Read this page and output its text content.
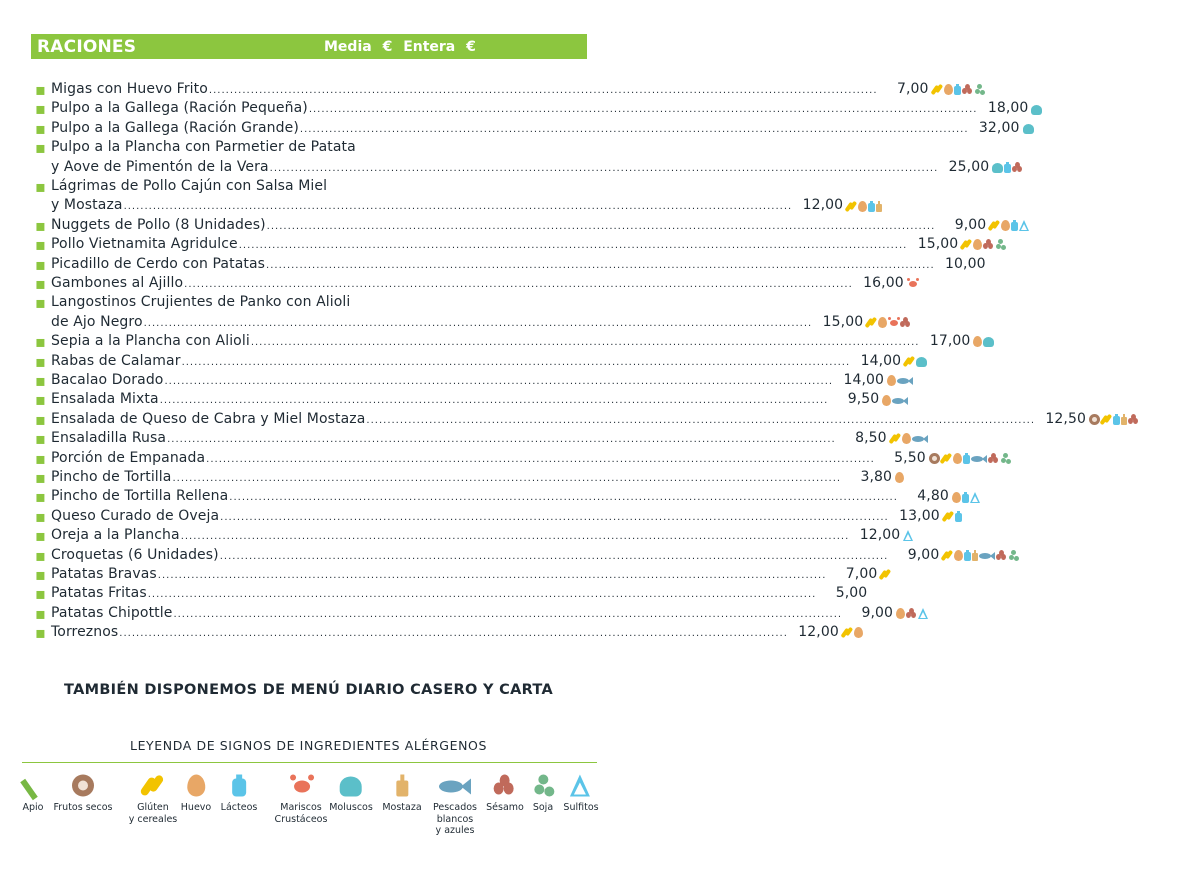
RACIONES	Media € Entera €
▪ Migas con Huevo Frito .....	7,00
▪ Pulpo a la Gallega (Ración Pequeña) .....	18,00
▪ Pulpo a la Gallega (Ración Grande) .....	32,00
▪ Pulpo a la Plancha con Parmetier de Patata
y Aove de Pimentón de la Vera .....	25,00
▪ Lágrimas de Pollo Cajún con Salsa Miel
y Mostaza .....	12,00
▪ Nuggets de Pollo (8 Unidades) .....	9,00
▪ Pollo Vietnamita Agridulce .....	15,00
▪ Picadillo de Cerdo con Patatas .....	10,00
▪ Gambones al Ajillo .....	16,00
▪ Langostinos Crujientes de Panko con Alioli
de Ajo Negro .....	15,00
▪ Sepia a la Plancha con Alioli .....	17,00
▪ Rabas de Calamar .....	14,00
▪ Bacalao Dorado .....	14,00
▪ Ensalada Mixta .....	9,50
▪ Ensalada de Queso de Cabra y Miel Mostaza .....	12,50
▪ Ensaladilla Rusa .....	8,50
▪ Porción de Empanada .....	5,50
▪ Pincho de Tortilla .....	3,80
▪ Pincho de Tortilla Rellena .....	4,80
▪ Queso Curado de Oveja .....	13,00
▪ Oreja a la Plancha .....	12,00
▪ Croquetas (6 Unidades) .....	9,00
▪ Patatas Bravas .....	7,00
▪ Patatas Fritas .....	5,00
▪ Patatas Chipottle .....	9,00
▪ Torreznos .....	12,00
TAMBIÉN DISPONEMOS DE MENÚ DIARIO CASERO Y CARTA
LEYENDA DE SIGNOS DE INGREDIENTES ALÉRGENOS
Apio Frutos secos	Glúten
y cereales
Huevo Lácteos	Mariscos
Crustáceos
Moluscos Mostaza Pescados
blancos
y azules
Sésamo Soja Sulfitos
